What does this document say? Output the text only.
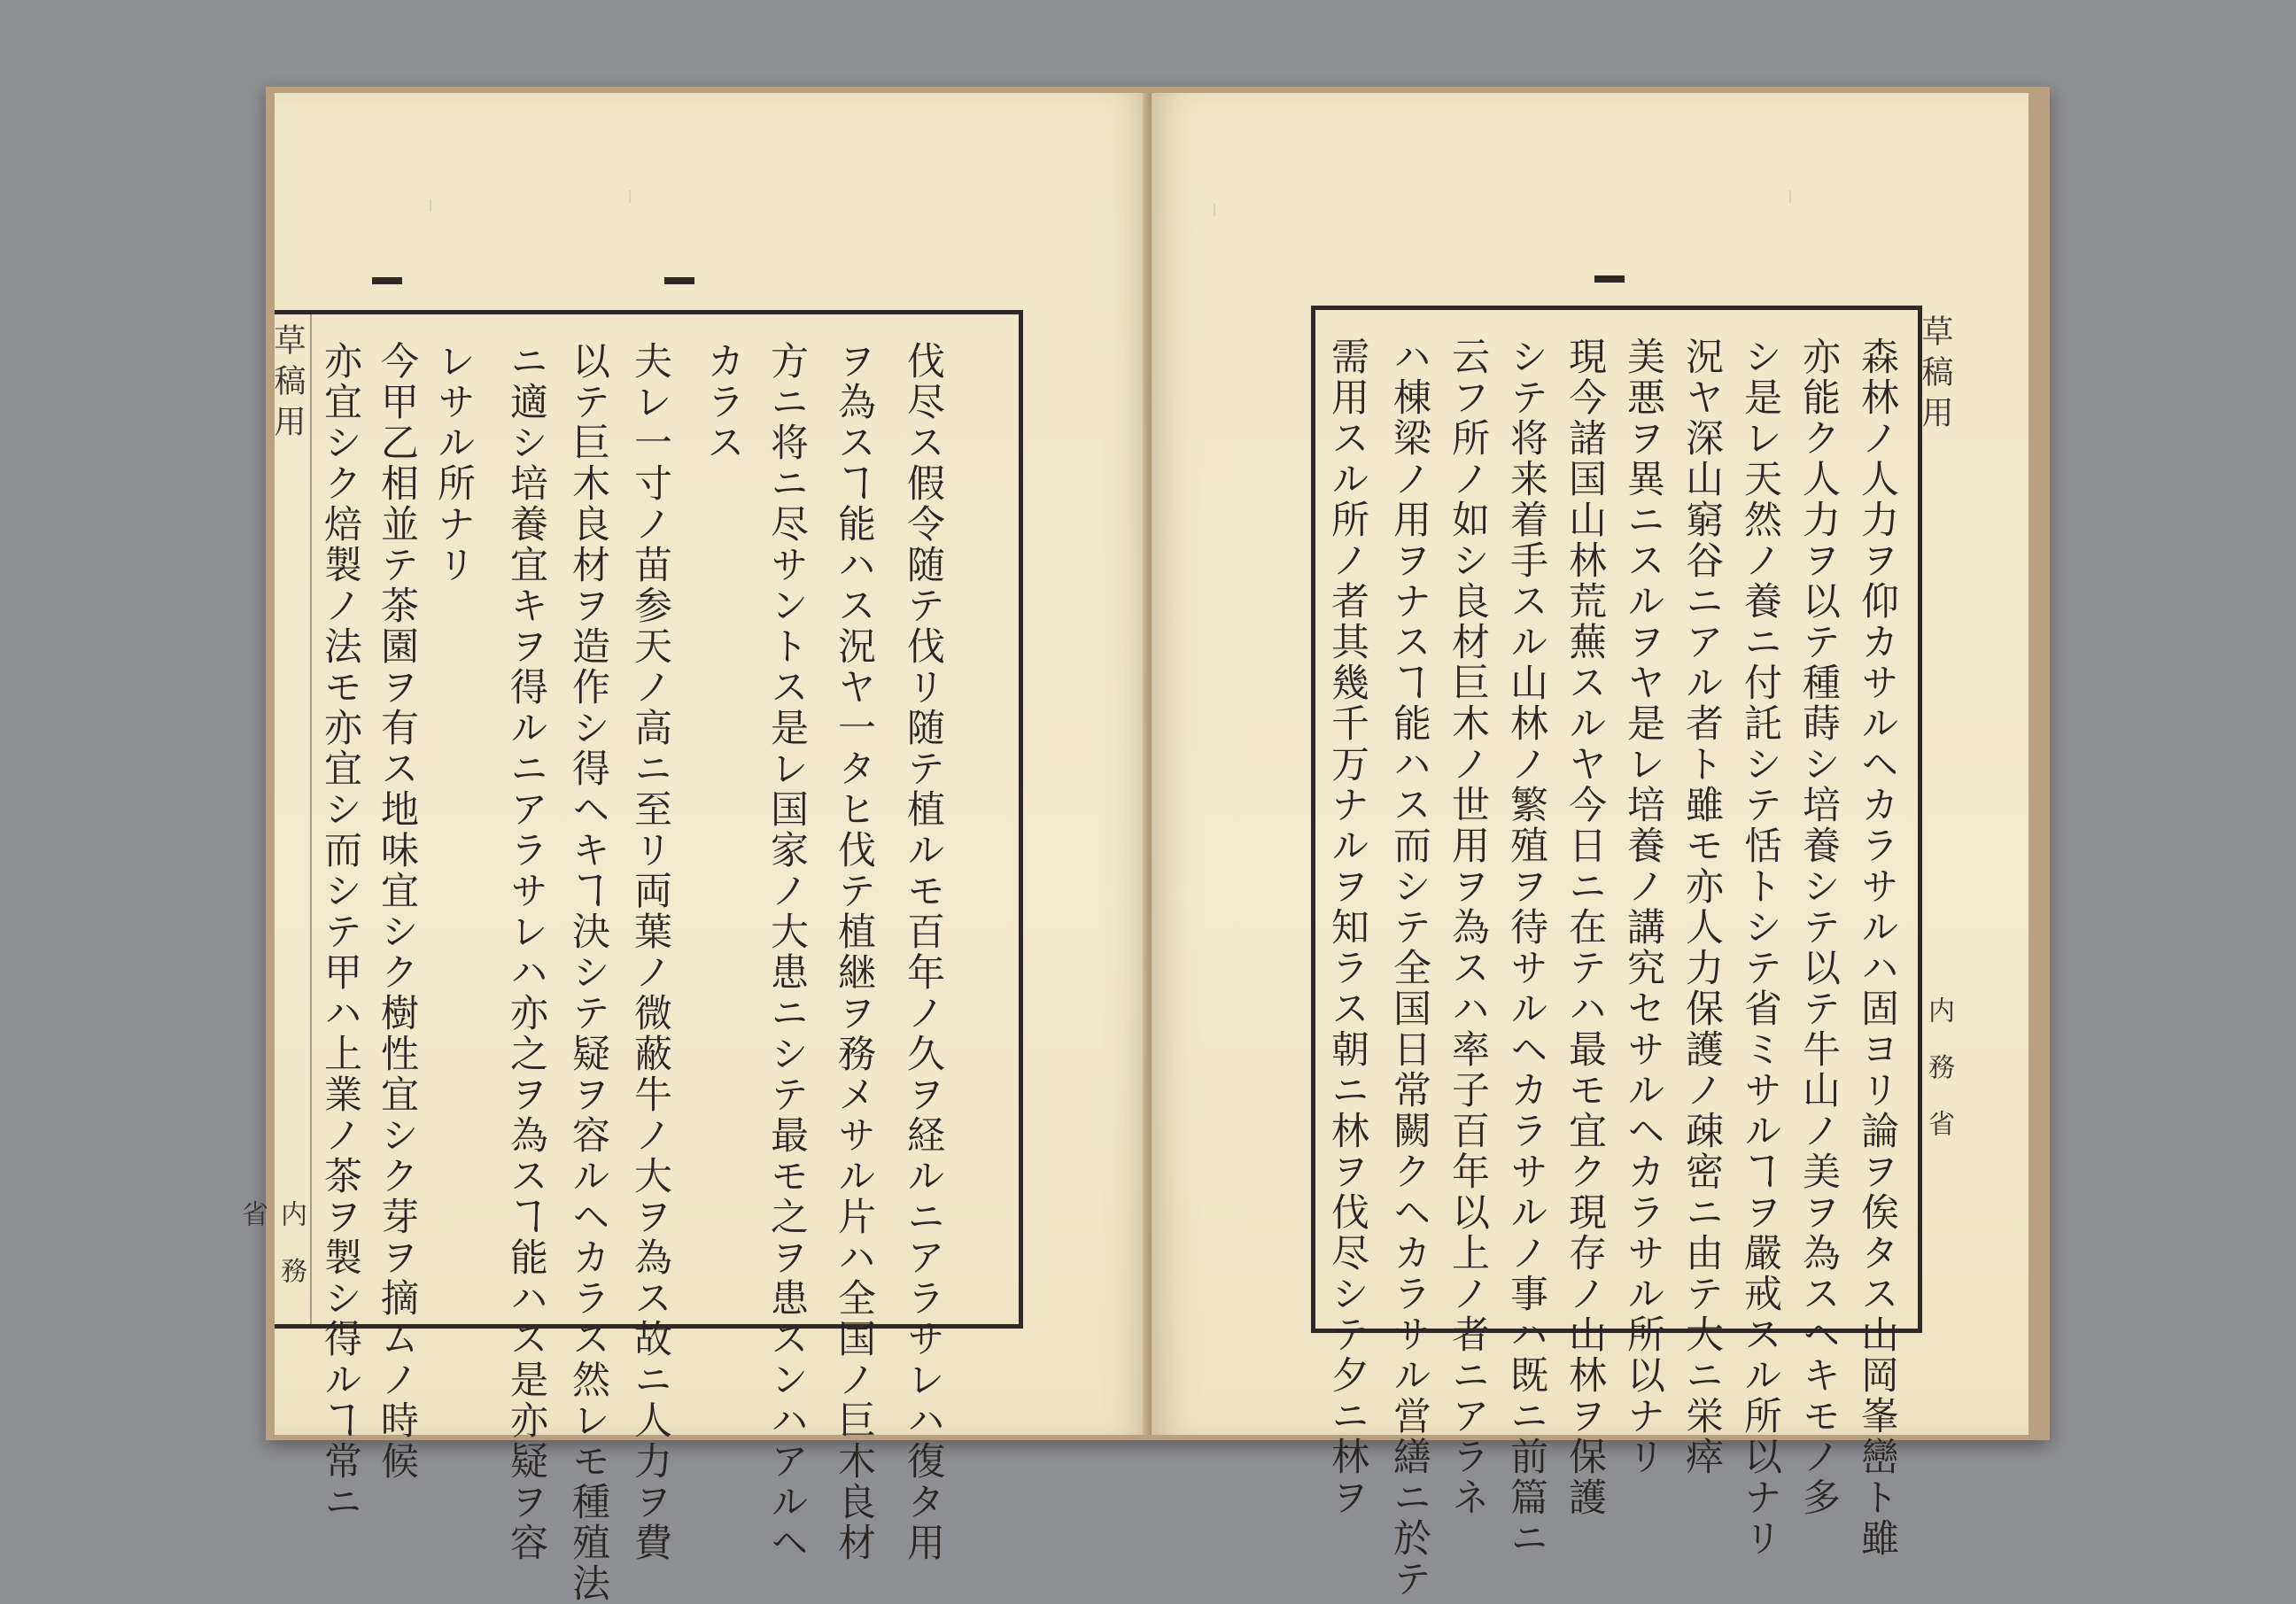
草稿用
内務省	亦宜シク焙製ノ法モ亦宜シ而シテ甲ハ上業ノ茶ヲ製シ得ルヿ常ニ 今甲乙相並テ茶園ヲ有ス地味宜シク樹性宜シク芽ヲ摘ムノ時候 レサル所ナリ ニ適シ培養宜キヲ得ルニアラサレハ亦之ヲ為スヿ能ハス是亦疑ヲ容 以テ巨木良材ヲ造作シ得ヘキヿ決シテ疑ヲ容ルヘカラス然レモ種殖法 夫レ一寸ノ苗参天ノ高ニ至リ両葉ノ微蔽牛ノ大ヲ為ス故ニ人力ヲ費 カラス 方ニ将ニ尽サントス是レ国家ノ大患ニシテ最モ之ヲ患スンハアルヘ ヲ為スヿ能ハス況ヤ一タヒ伐テ植継ヲ務メサル片ハ全国ノ巨木良材 伐尽ス假令随テ伐リ随テ植ルモ百年ノ久ヲ経ルニアラサレハ復タ用	需用スル所ノ者其幾千万ナルヲ知ラス朝ニ林ヲ伐尽シテ夕ニ林ヲ ハ棟梁ノ用ヲナスヿ能ハス而シテ全国日常闕クヘカラサル営繕ニ於テ 云フ所ノ如シ良材巨木ノ世用ヲ為スハ率子百年以上ノ者ニアラネ シテ将来着手スル山林ノ繁殖ヲ待サルヘカラサルノ事ハ既ニ前篇ニ 現今諸国山林荒蕪スルヤ今日ニ在テハ最モ宜ク現存ノ山林ヲ保護 美悪ヲ異ニスルヲヤ是レ培養ノ講究セサルヘカラサル所以ナリ 況ヤ深山窮谷ニアル者ト雖モ亦人力保護ノ疎密ニ由テ大ニ栄瘁 シ是レ天然ノ養ニ付託シテ恬トシテ省ミサルヿヲ嚴戒スル所以ナリ 亦能ク人力ヲ以テ種蒔シ培養シテ以テ牛山ノ美ヲ為スヘキモノ多 森林ノ人力ヲ仰カサルヘカラサルハ固ヨリ論ヲ俟タス山岡峯巒ト雖 草稿用
内務省
